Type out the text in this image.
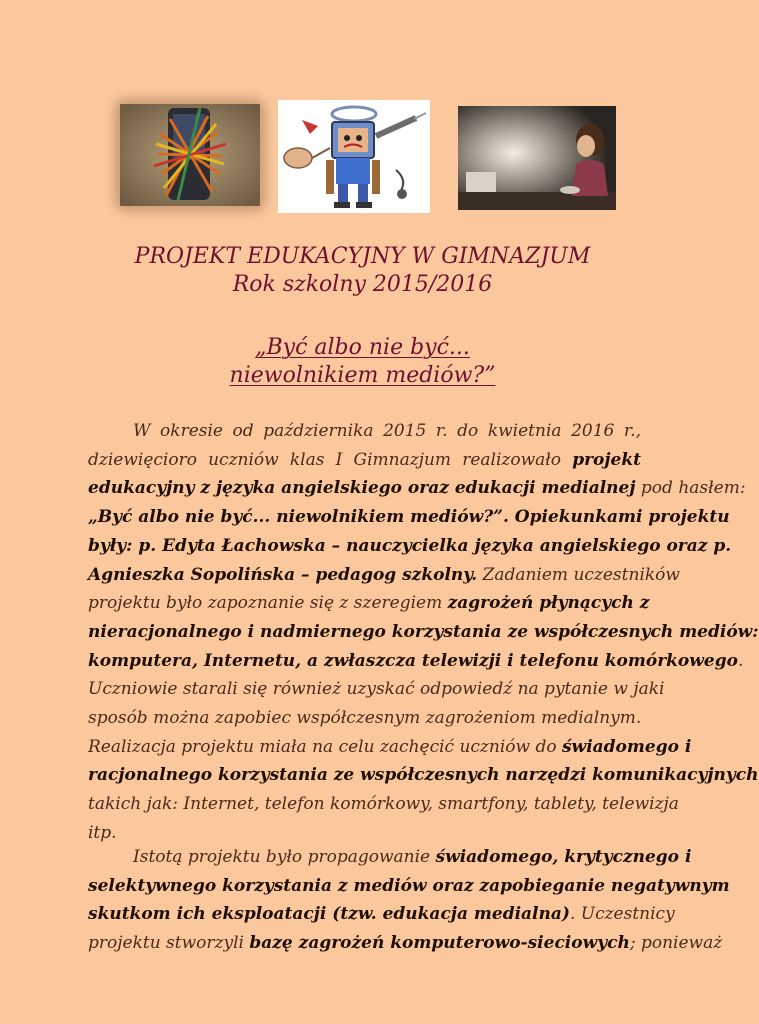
PROJEKT EDUKACYJNY W GIMNAZJUM
Rok szkolny 2015/2016
„Być albo nie być...
niewolnikiem mediów?”
W okresie od października 2015 r. do kwietnia 2016 r.,
dziewięcioro uczniów klas I Gimnazjum realizowało projekt
edukacyjny z języka angielskiego oraz edukacji medialnej pod hasłem:
„Być albo nie być... niewolnikiem mediów?”. Opiekunkami projektu
były: p. Edyta Łachowska – nauczycielka języka angielskiego oraz p.
Agnieszka Sopolińska – pedagog szkolny. Zadaniem uczestników
projektu było zapoznanie się z szeregiem zagrożeń płynących z
nieracjonalnego i nadmiernego korzystania ze współczesnych mediów:
komputera, Internetu, a zwłaszcza telewizji i telefonu komórkowego.
Uczniowie starali się również uzyskać odpowiedź na pytanie w jaki
sposób można zapobiec współczesnym zagrożeniom medialnym.
Realizacja projektu miała na celu zachęcić uczniów do świadomego i
racjonalnego korzystania ze współczesnych narzędzi komunikacyjnych
takich jak: Internet, telefon komórkowy, smartfony, tablety, telewizja
itp.
Istotą projektu było propagowanie świadomego, krytycznego i
selektywnego korzystania z mediów oraz zapobieganie negatywnym
skutkom ich eksploatacji (tzw. edukacja medialna). Uczestnicy
projektu stworzyli bazę zagrożeń komputerowo-sieciowych; ponieważ
